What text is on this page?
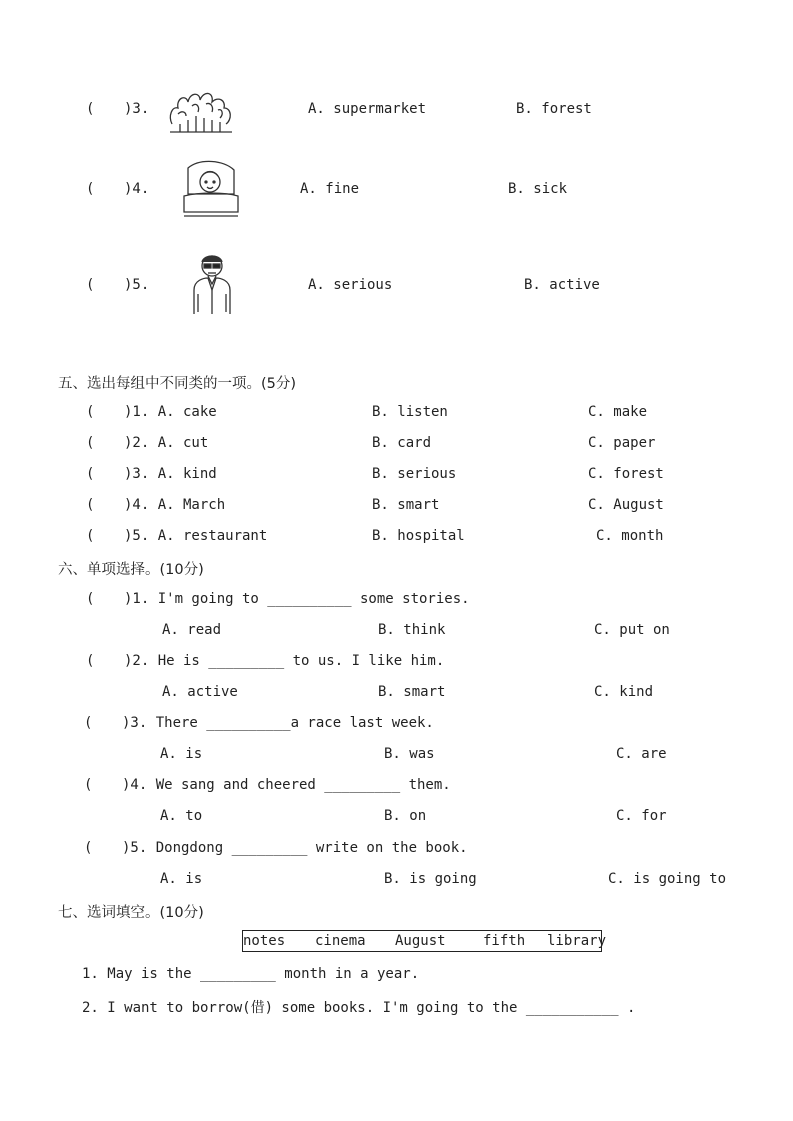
( )3.	A. supermarket	B. forest
( )4.	A. fine	B. sick
( )5.	A. serious	B. active
五、选出每组中不同类的一项。(5分)
( )1. A. cake	B. listen	C. make
( )2. A. cut	B. card	C. paper
( )3. A. kind	B. serious	C. forest
( )4. A. March	B. smart	C. August
( )5. A. restaurant	B. hospital	C. month
六、单项选择。(10分)
( )1. I'm going to __________ some stories.
A. read	B. think	C. put on
( )2. He is _________ to us. I like him.
A. active	B. smart	C. kind
( )3. There __________a race last week.
A. is	B. was	C. are
( )4. We sang and cheered _________ them.
A. to	B. on	C. for
( )5. Dongdong _________ write on the book.
A. is	B. is going	C. is going to
七、选词填空。(10分)
notes cinema August	fifth library
1. May is the _________ month in a year.
2. I want to borrow(借) some books. I'm going to the ___________ .
